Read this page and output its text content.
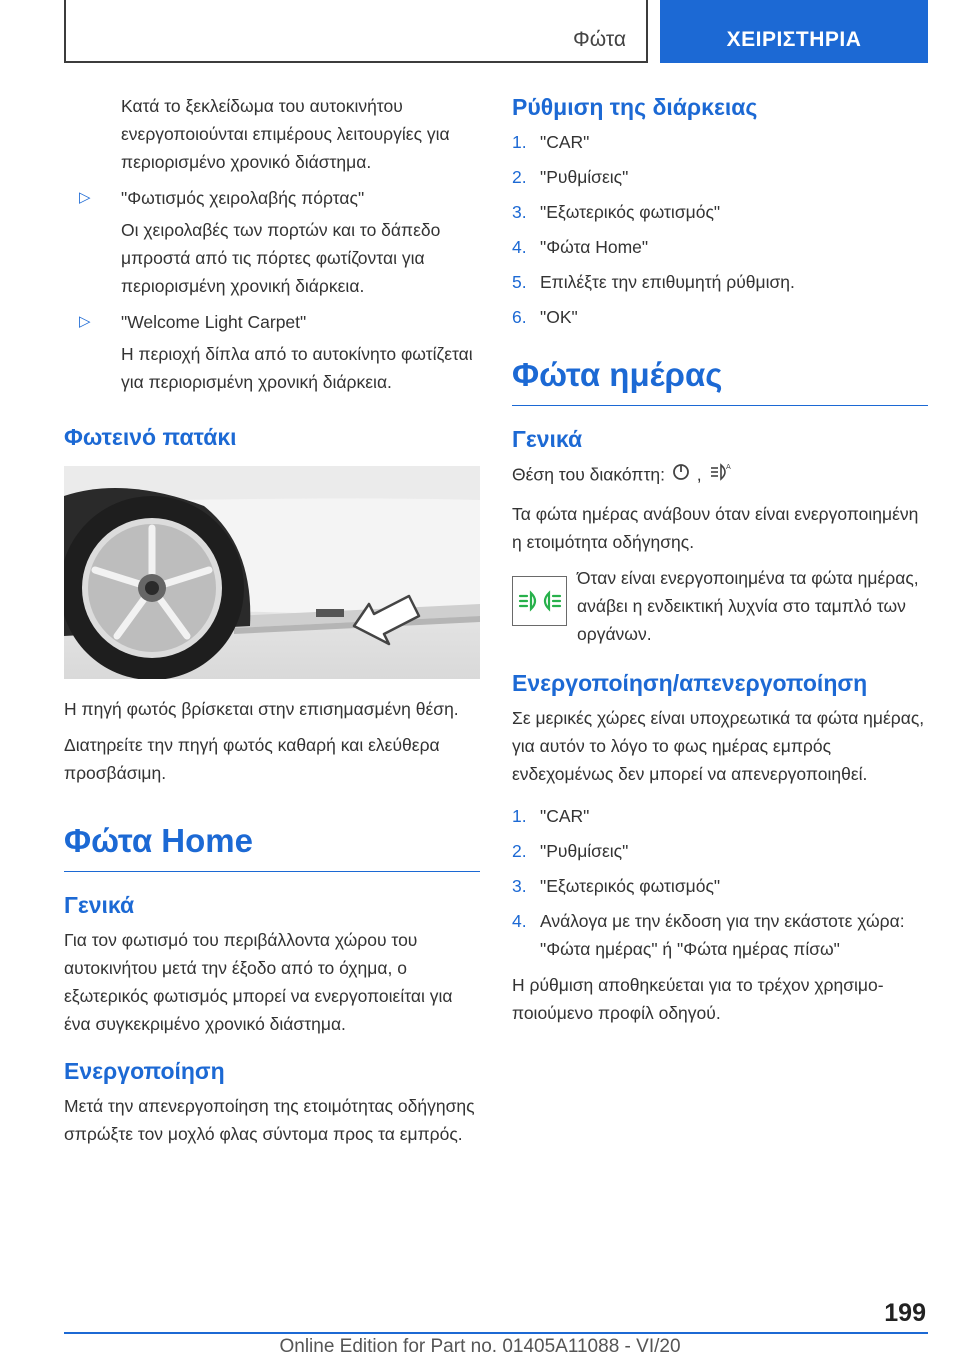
Φώτα	ΧΕΙΡΙΣΤΗΡΙΑ

Κατά το ξεκλείδωμα του αυτοκινήτου ενεργοποιούνται επιμέρους λειτουργίες για περιορισμένο χρονικό διάστημα.

▷ "Φωτισμός χειρολαβής πόρτας"

Οι χειρολαβές των πορτών και το δάπεδο μπροστά από τις πόρτες φωτίζονται για περιορισμένη χρονική διάρκεια.

▷ "Welcome Light Carpet"

Η περιοχή δίπλα από το αυτοκίνητο φωτίζεται για περιορισμένη χρονική διάρκεια.

Φωτεινό πατάκι

Η πηγή φωτός βρίσκεται στην επισημασμένη θέση.

Διατηρείτε την πηγή φωτός καθαρή και ελεύθερα προσβάσιμη.

Φώτα Home
Γενικά

Για τον φωτισμό του περιβάλλοντα χώρου του αυτοκινήτου μετά την έξοδο από το όχημα, ο εξωτερικός φωτισμός μπορεί να ενεργοποιείται για ένα συγκεκριμένο χρονικό διάστημα.

Ενεργοποίηση

Μετά την απενεργοποίηση της ετοιμότητας οδήγησης σπρώξτε τον μοχλό φλας σύντομα προς τα εμπρός.

Ρύθμιση της διάρκειας
1. "CAR"
2. "Ρυθμίσεις"
3. "Εξωτερικός φωτισμός"
4. "Φώτα Home"
5. Επιλέξτε την επιθυμητή ρύθμιση.
6. "OK"
Φώτα ημέρας
Γενικά

Θέση του διακόπτη: ,	A

Τα φώτα ημέρας ανάβουν όταν είναι ενεργοποιημένη η ετοιμότητα οδήγησης.

Όταν είναι ενεργοποιημένα τα φώτα ημέρας, ανάβει η ενδεικτική λυχνία στο ταμπλό των οργάνων.
Ενεργοποίηση/απενεργοποίηση

Σε μερικές χώρες είναι υποχρεωτικά τα φώτα ημέρας, για αυτόν το λόγο το φως ημέρας εμπρός ενδεχομένως δεν μπορεί να απενεργοποιηθεί.

1. "CAR"
2. "Ρυθμίσεις"
3. "Εξωτερικός φωτισμός"
4. Ανάλογα με την έκδοση για την εκάστοτε χώρα: "Φώτα ημέρας" ή "Φώτα ημέρας πίσω"

Η ρύθμιση αποθηκεύεται για το τρέχον χρησιμοποιούμενο προφίλ οδηγού.

199
Online Edition for Part no. 01405A11088 - VI/20
